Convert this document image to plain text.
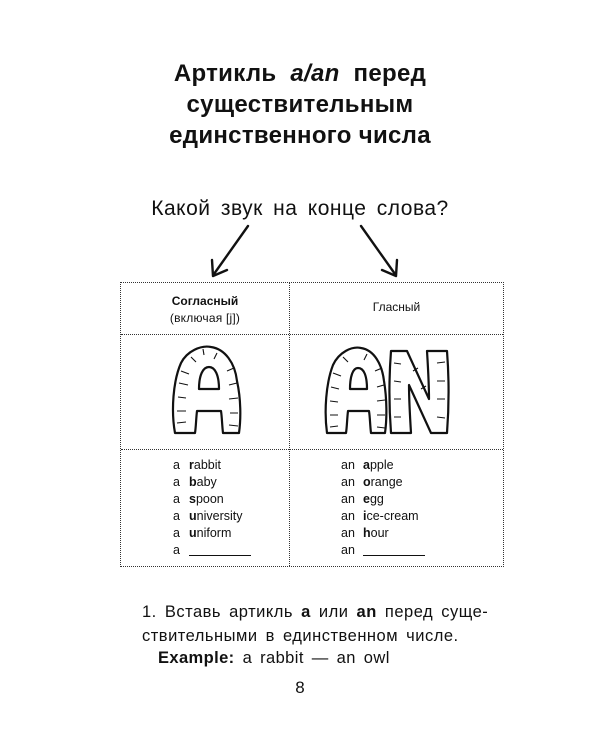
Артикль a/an перед
существительным
единственного числа
Какой звук на конце слова?
Согласный
(включая [j])
Гласный
AN
a rabbit
a baby
a spoon
a university
a uniform
a
an apple
an orange
an egg
an ice-cream
an hour
an
1. Вставь артикль a или an перед суще-
ствительными в единственном числе.
Example: a rabbit — an owl
8
